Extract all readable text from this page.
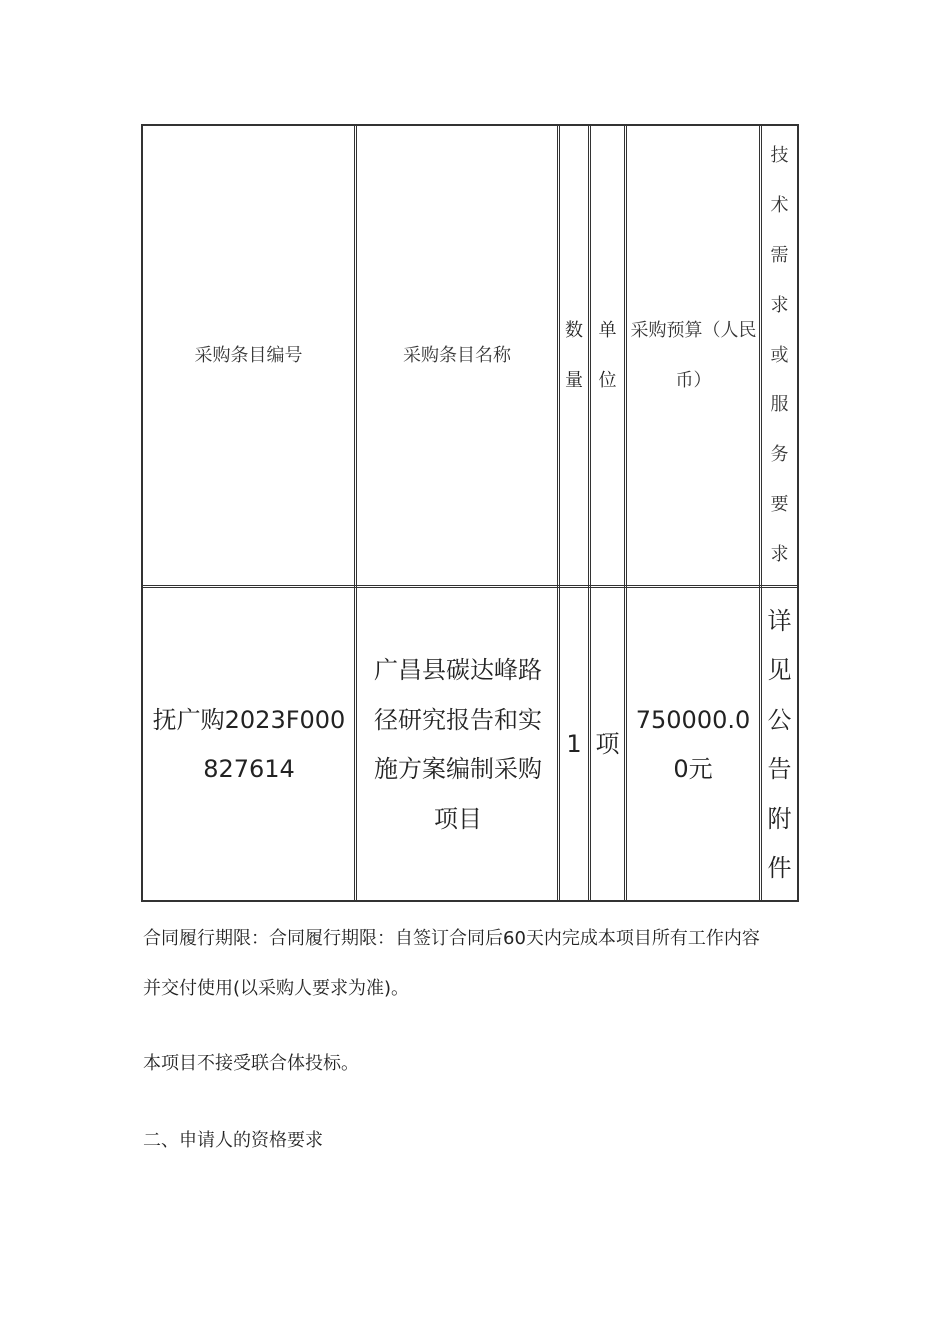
采购条目编号	采购条目名称
数量
单位
采购预算（人民币）
技术需求或服务要求
抚广购2023F000827614
广昌县碳达峰路径研究报告和实施方案编制采购项目
1 项
750000.00元
详见公告附件
合同履行期限：合同履行期限：自签订合同后60天内完成本项目所有工作内容
并交付使用(以采购人要求为准)。
本项目不接受联合体投标。
二、申请人的资格要求
